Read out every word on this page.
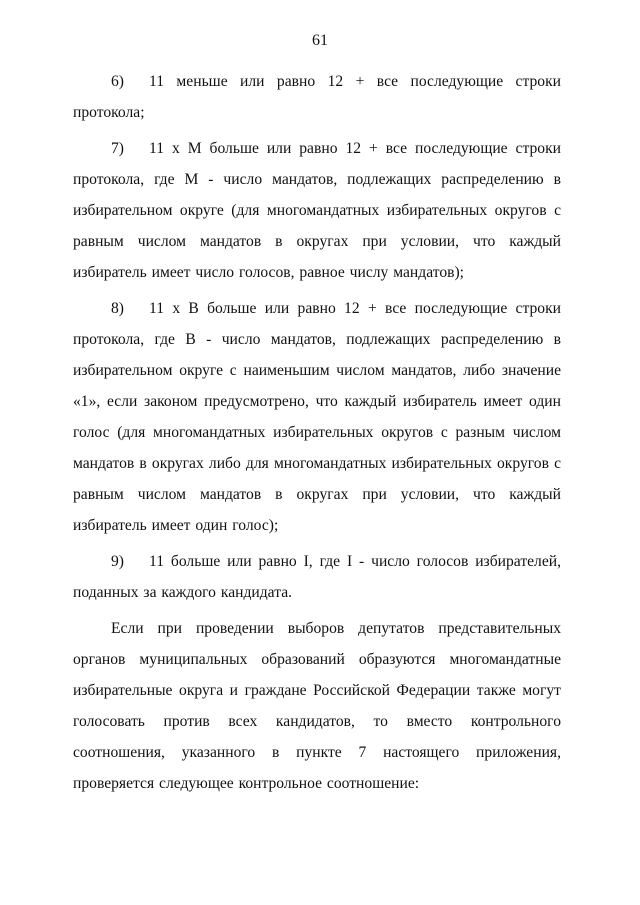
61

6) 11 меньше или равно 12 + все последующие строки протокола;

7) 11 x M больше или равно 12 + все последующие строки протокола, где M - число мандатов, подлежащих распределению в избирательном округе (для многомандатных избирательных округов с равным числом мандатов в округах при условии, что каждый избиратель имеет число голосов, равное числу мандатов);

8) 11 x B больше или равно 12 + все последующие строки протокола, где B - число мандатов, подлежащих распределению в избирательном округе с наименьшим числом мандатов, либо значение «1», если законом предусмотрено, что каждый избиратель имеет один голос (для многомандатных избирательных округов с разным числом мандатов в округах либо для многомандатных избирательных округов с равным числом мандатов в округах при условии, что каждый избиратель имеет один голос);

9) 11 больше или равно I, где I - число голосов избирателей, поданных за каждого кандидата.

Если при проведении выборов депутатов представительных органов муниципальных образований образуются многомандатные избирательные округа и граждане Российской Федерации также могут голосовать против всех кандидатов, то вместо контрольного соотношения, указанного в пункте 7 настоящего приложения, проверяется следующее контрольное соотношение:
